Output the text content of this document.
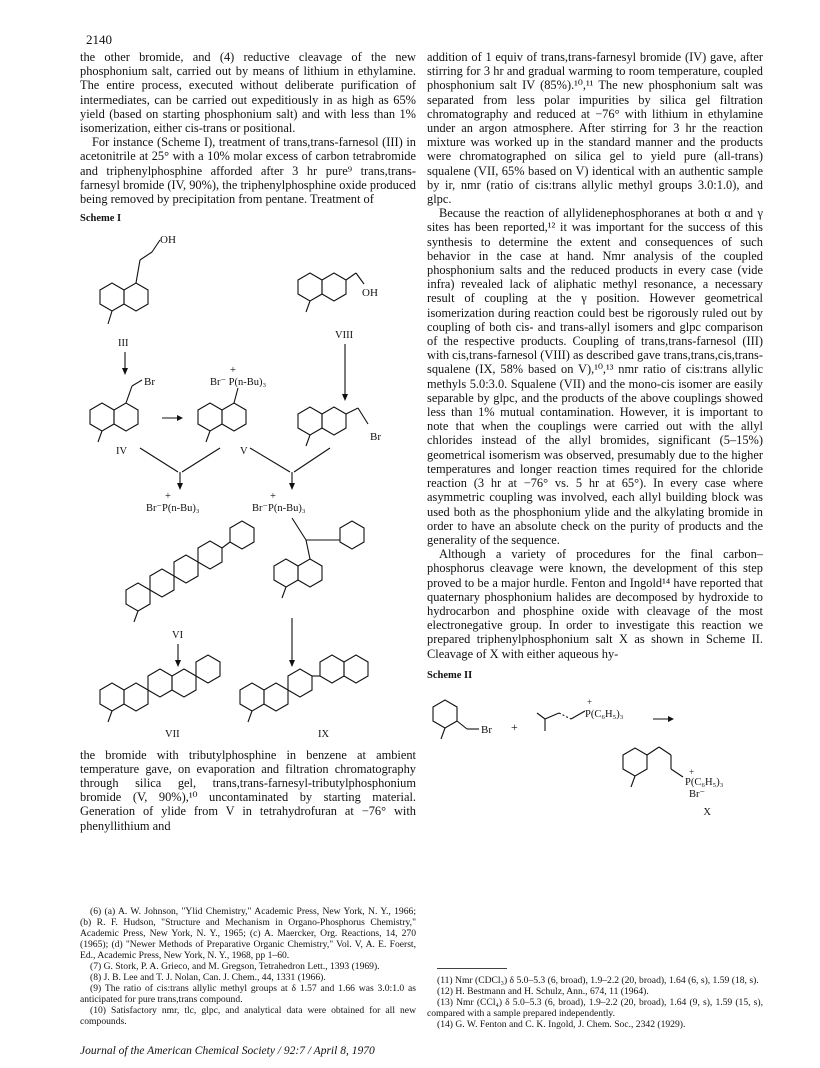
2140

the other bromide, and (4) reductive cleavage of the new phosphonium salt, carried out by means of lithium in ethylamine. The entire process, executed without deliberate purification of intermediates, can be carried out expeditiously in as high as 65% yield (based on starting phosphonium salt) and with less than 1% isomerization, either cis-trans or positional.

For instance (Scheme I), treatment of trans,trans-farnesol (III) in acetonitrile at 25° with a 10% molar excess of carbon tetrabromide and triphenylphosphine afforded after 3 hr pure⁹ trans,trans-farnesyl bromide (IV, 90%), the triphenylphosphine oxide produced being removed by precipitation from pentane. Treatment of

Scheme I
OH
III
OH
VIII
Br
+
Br⁻ P(n-Bu)₃
Br
IV	V
+
Br⁻P(n-Bu)₃
+
Br⁻P(n-Bu)₃
VI
VII	IX

the bromide with tributylphosphine in benzene at ambient temperature gave, on evaporation and filtration chromatography through silica gel, trans,trans-farnesyl-tributylphosphonium bromide (V, 90%),¹⁰ uncontaminated by starting material. Generation of ylide from V in tetrahydrofuran at −76° with phenyllithium and

(6) (a) A. W. Johnson, "Ylid Chemistry," Academic Press, New York, N. Y., 1966; (b) R. F. Hudson, "Structure and Mechanism in Organo-Phosphorus Chemistry," Academic Press, New York, N. Y., 1965; (c) A. Maercker, Org. Reactions, 14, 270 (1965); (d) "Newer Methods of Preparative Organic Chemistry," Vol. V, A. E. Foerst, Ed., Academic Press, New York, N. Y., 1968, pp 1–60.

(7) G. Stork, P. A. Grieco, and M. Gregson, Tetrahedron Lett., 1393 (1969).

(8) J. B. Lee and T. J. Nolan, Can. J. Chem., 44, 1331 (1966).

(9) The ratio of cis:trans allylic methyl groups at δ 1.57 and 1.66 was 3.0:1.0 as anticipated for pure trans,trans compound.

(10) Satisfactory nmr, tlc, glpc, and analytical data were obtained for all new compounds.

addition of 1 equiv of trans,trans-farnesyl bromide (IV) gave, after stirring for 3 hr and gradual warming to room temperature, coupled phosphonium salt IV (85%).¹⁰,¹¹ The new phosphonium salt was separated from less polar impurities by silica gel filtration chromatography and reduced at −76° with lithium in ethylamine under an argon atmosphere. After stirring for 3 hr the reaction mixture was worked up in the standard manner and the products were chromatographed on silica gel to yield pure (all-trans) squalene (VII, 65% based on V) identical with an authentic sample by ir, nmr (ratio of cis:trans allylic methyl groups 3.0:1.0), and glpc.

Because the reaction of allylidenephosphoranes at both α and γ sites has been reported,¹² it was important for the success of this synthesis to determine the extent and consequences of such behavior in the case at hand. Nmr analysis of the coupled phosphonium salts and the reduced products in every case (vide infra) revealed lack of aliphatic methyl resonance, a necessary result of coupling at the γ position. However geometrical isomerization during reaction could best be rigorously ruled out by coupling of both cis- and trans-allyl isomers and glpc comparison of the respective products. Coupling of trans,trans-farnesol (III) with cis,trans-farnesol (VIII) as described gave trans,trans,cis,trans-squalene (IX, 58% based on V),¹⁰,¹³ nmr ratio of cis:trans allylic methyls 5.0:3.0. Squalene (VII) and the mono-cis isomer are easily separable by glpc, and the products of the above couplings showed less than 1% mutual contamination. However, it is important to note that when the couplings were carried out with the allyl chlorides instead of the allyl bromides, significant (5–15%) geometrical isomerism was observed, presumably due to the higher temperatures and longer reaction times required for the chloride reaction (3 hr at −76° vs. 5 hr at 65°). In every case where asymmetric coupling was involved, each allyl building block was used both as the phosphonium ylide and the alkylating bromide in order to have an absolute check on the purity of products and the generality of the sequence.

Although a variety of procedures for the final carbon–phosphorus cleavage were known, the development of this step proved to be a major hurdle. Fenton and Ingold¹⁴ have reported that quaternary phosphonium halides are decomposed by hydroxide to hydrocarbon and phosphine oxide with cleavage of the most electronegative group. In order to investigate this reaction we prepared triphenylphosphonium salt X as shown in Scheme II. Cleavage of X with either aqueous hy-

Scheme II
Br +
+
P(C₆H₅)₃
+
P(C₆H₅)₃
Br⁻
X

(11) Nmr (CDCl₃) δ 5.0–5.3 (6, broad), 1.9–2.2 (20, broad), 1.64 (6, s), 1.59 (18, s).

(12) H. Bestmann and H. Schulz, Ann., 674, 11 (1964).

(13) Nmr (CCl₄) δ 5.0–5.3 (6, broad), 1.9–2.2 (20, broad), 1.64 (9, s), 1.59 (15, s), compared with a sample prepared independently.

(14) G. W. Fenton and C. K. Ingold, J. Chem. Soc., 2342 (1929).

Journal of the American Chemical Society / 92:7 / April 8, 1970
